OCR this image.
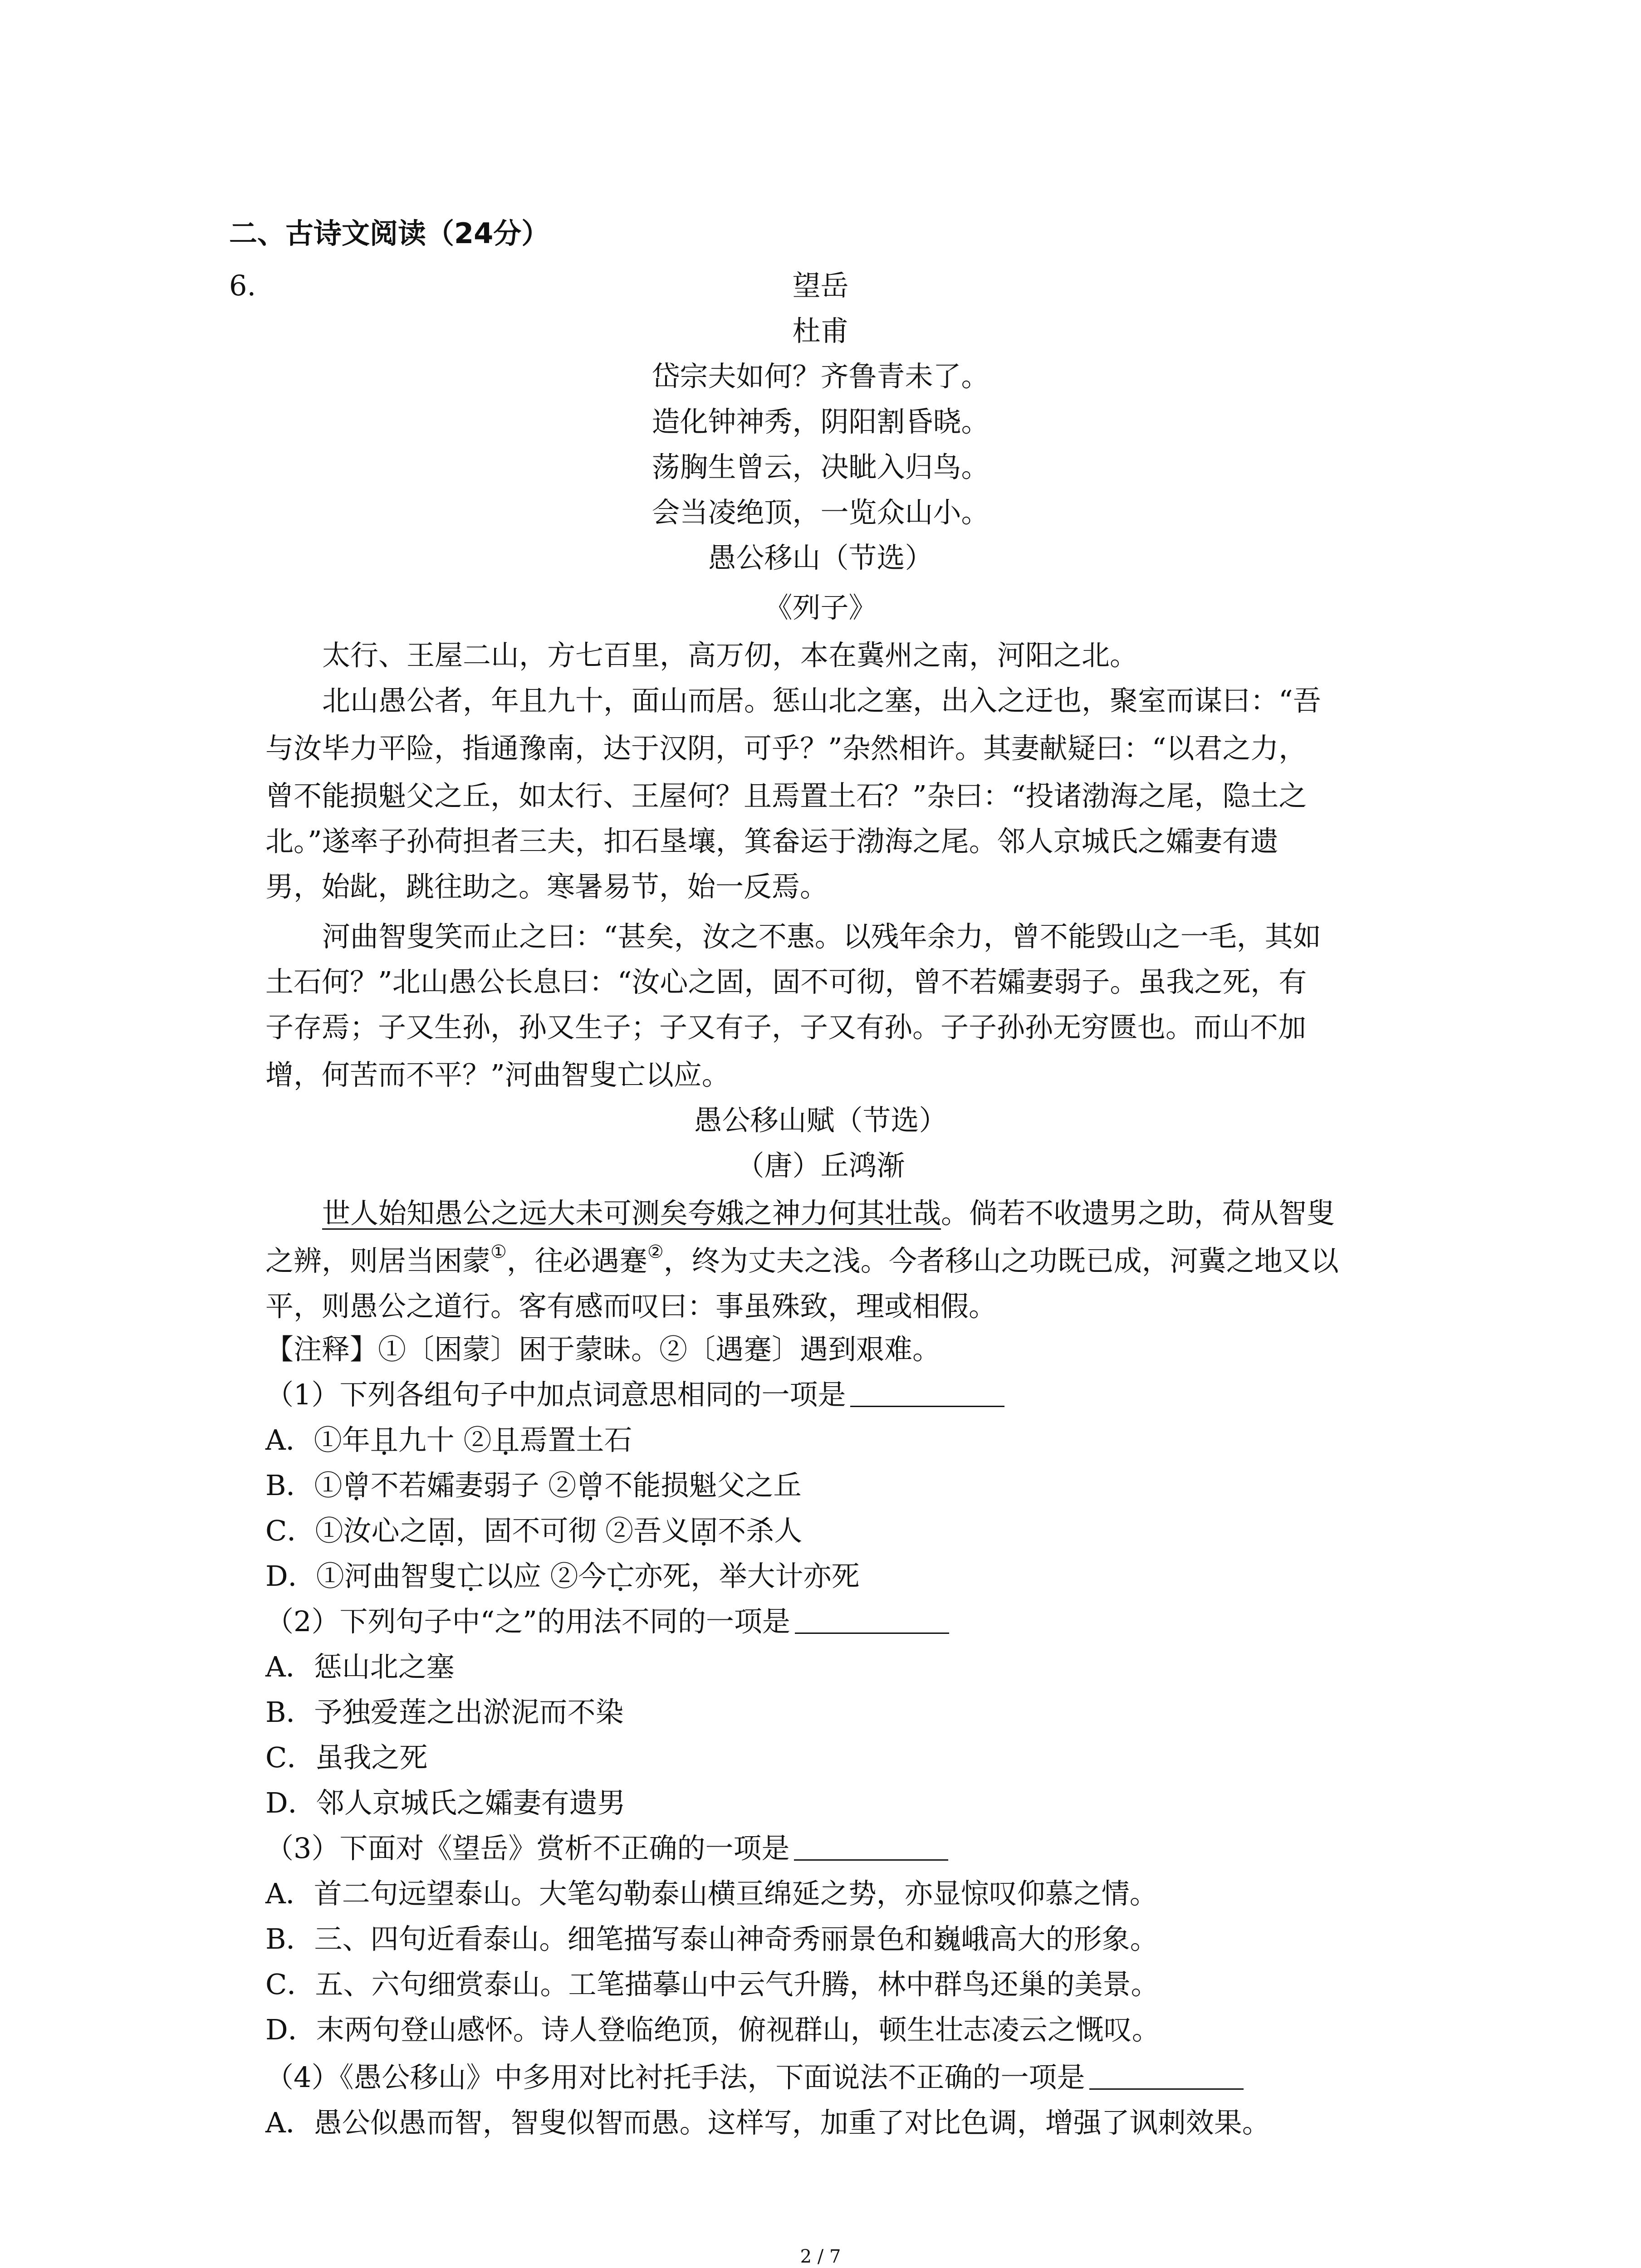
二、古诗文阅读（24分）
6.	望岳
杜甫
岱宗夫如何？齐鲁青未了。
造化钟神秀，阴阳割昏晓。
荡胸生曾云，决眦入归鸟。
会当凌绝顶，一览众山小。
愚公移山（节选）
《列子》
太行、王屋二山，方七百里，高万仞，本在冀州之南，河阳之北。
北山愚公者，年且九十，面山而居。惩山北之塞，出入之迂也，聚室而谋曰：“吾
与汝毕力平险，指通豫南，达于汉阴，可乎？”杂然相许。其妻献疑曰：“以君之力，
曾不能损魁父之丘，如太行、王屋何？且焉置土石？”杂曰：“投诸渤海之尾，隐土之
北。”遂率子孙荷担者三夫，扣石垦壤，箕畚运于渤海之尾。邻人京城氏之孀妻有遗
男，始龀，跳往助之。寒暑易节，始一反焉。
河曲智叟笑而止之曰：“甚矣，汝之不惠。以残年余力，曾不能毁山之一毛，其如
土石何？”北山愚公长息曰：“汝心之固，固不可彻，曾不若孀妻弱子。虽我之死，有
子存焉；子又生孙，孙又生子；子又有子，子又有孙。子子孙孙无穷匮也。而山不加
增，何苦而不平？”河曲智叟亡以应。
愚公移山赋（节选）
（唐）丘鸿渐
世人始知愚公之远大未可测矣夸娥之神力何其壮哉。倘若不收遗男之助，荷从智叟
之辨，则居当困蒙①，往必遇蹇②，终为丈夫之浅。今者移山之功既已成，河冀之地又以
平，则愚公之道行。客有感而叹曰：事虽殊致，理或相假。
【注释】①〔困蒙〕困于蒙昧。②〔遇蹇〕遇到艰难。
（1）下列各组句子中加点词意思相同的一项是
A．①年且九十 ②且焉置土石
B．①曾不若孀妻弱子 ②曾不能损魁父之丘
C．①汝心之固，固不可彻 ②吾义固不杀人
D．①河曲智叟亡以应 ②今亡亦死，举大计亦死
（2）下列句子中“之”的用法不同的一项是
A．惩山北之塞
B．予独爱莲之出淤泥而不染
C．虽我之死
D．邻人京城氏之孀妻有遗男
（3）下面对《望岳》赏析不正确的一项是
A．首二句远望泰山。大笔勾勒泰山横亘绵延之势，亦显惊叹仰慕之情。
B．三、四句近看泰山。细笔描写泰山神奇秀丽景色和巍峨高大的形象。
C．五、六句细赏泰山。工笔描摹山中云气升腾，林中群鸟还巢的美景。
D．末两句登山感怀。诗人登临绝顶，俯视群山，顿生壮志凌云之慨叹。
（4）《愚公移山》中多用对比衬托手法，下面说法不正确的一项是
A．愚公似愚而智，智叟似智而愚。这样写，加重了对比色调，增强了讽刺效果。
2 / 7
